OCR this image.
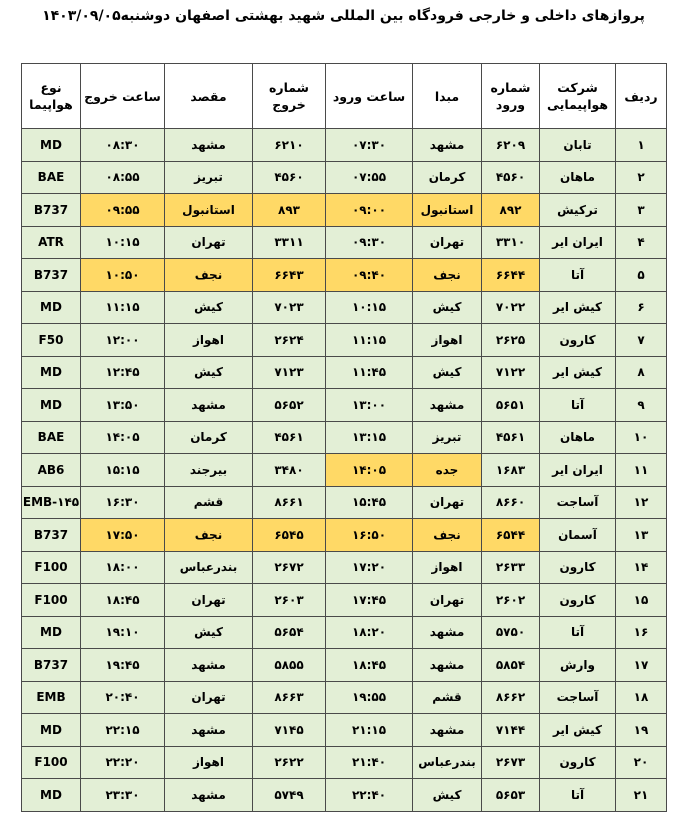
پروازهای داخلی و خارجی فرودگاه بین المللی شهید بهشتی اصفهان دوشنبه۱۴۰۳/۰۹/۰۵
ردیف	شرکت هواپیمایی	شماره ورود	مبدا	ساعت ورود	شماره خروج	مقصد	ساعت خروج	نوع هواپیما
۱	تابان	۶۲۰۹	مشهد	۰۷:۳۰	۶۲۱۰	مشهد	۰۸:۳۰	MD
۲	ماهان	۴۵۶۰	کرمان	۰۷:۵۵	۴۵۶۰	تبریز	۰۸:۵۵	BAE
۳	ترکیش	۸۹۲	استانبول	۰۹:۰۰	۸۹۳	استانبول	۰۹:۵۵	B737
۴	ایران ایر	۳۳۱۰	تهران	۰۹:۳۰	۳۳۱۱	تهران	۱۰:۱۵	ATR
۵	آتا	۶۶۴۴	نجف	۰۹:۴۰	۶۶۴۳	نجف	۱۰:۵۰	B737
۶	کیش ایر	۷۰۲۲	کیش	۱۰:۱۵	۷۰۲۳	کیش	۱۱:۱۵	MD
۷	کارون	۲۶۲۵	اهواز	۱۱:۱۵	۲۶۲۴	اهواز	۱۲:۰۰	F50
۸	کیش ایر	۷۱۲۲	کیش	۱۱:۴۵	۷۱۲۳	کیش	۱۲:۴۵	MD
۹	آتا	۵۶۵۱	مشهد	۱۳:۰۰	۵۶۵۲	مشهد	۱۳:۵۰	MD
۱۰	ماهان	۴۵۶۱	تبریز	۱۳:۱۵	۴۵۶۱	کرمان	۱۴:۰۵	BAE
۱۱	ایران ایر	۱۶۸۳	جده	۱۴:۰۵	۳۴۸۰	بیرجند	۱۵:۱۵	AB6
۱۲	آساجت	۸۶۶۰	تهران	۱۵:۴۵	۸۶۶۱	قشم	۱۶:۳۰	EMB-۱۴۵
۱۳	آسمان	۶۵۴۴	نجف	۱۶:۵۰	۶۵۴۵	نجف	۱۷:۵۰	B737
۱۴	کارون	۲۶۳۳	اهواز	۱۷:۲۰	۲۶۷۲	بندرعباس	۱۸:۰۰	F100
۱۵	کارون	۲۶۰۲	تهران	۱۷:۴۵	۲۶۰۳	تهران	۱۸:۴۵	F100
۱۶	آتا	۵۷۵۰	مشهد	۱۸:۲۰	۵۶۵۴	کیش	۱۹:۱۰	MD
۱۷	وارش	۵۸۵۴	مشهد	۱۸:۴۵	۵۸۵۵	مشهد	۱۹:۴۵	B737
۱۸	آساجت	۸۶۶۲	قشم	۱۹:۵۵	۸۶۶۳	تهران	۲۰:۴۰	EMB
۱۹	کیش ایر	۷۱۴۴	مشهد	۲۱:۱۵	۷۱۴۵	مشهد	۲۲:۱۵	MD
۲۰	کارون	۲۶۷۳	بندرعباس	۲۱:۴۰	۲۶۲۲	اهواز	۲۲:۲۰	F100
۲۱	آتا	۵۶۵۳	کیش	۲۲:۴۰	۵۷۴۹	مشهد	۲۳:۳۰	MD
